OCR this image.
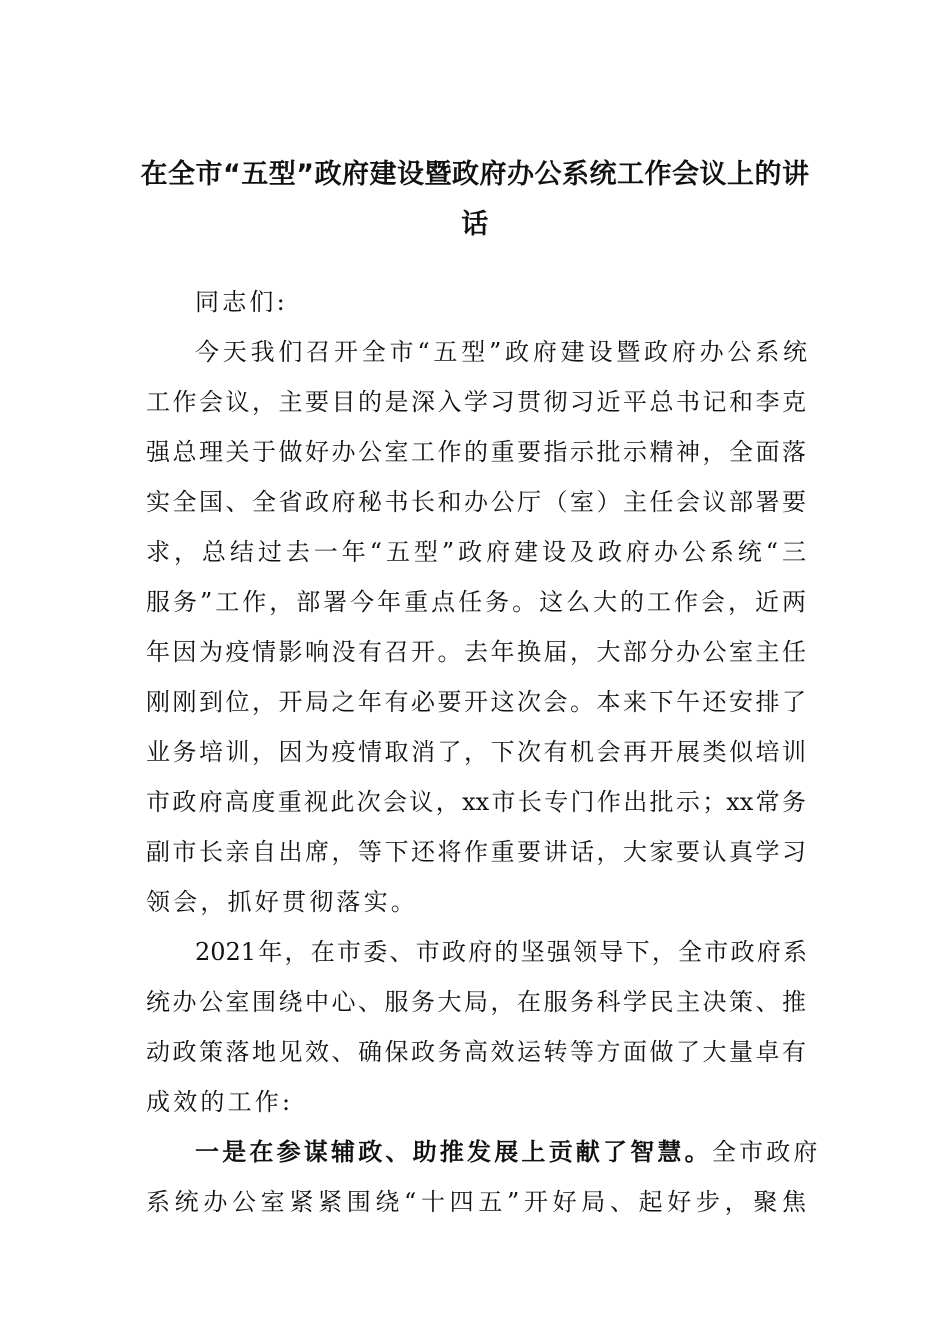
在全市“五型”政府建设暨政府办公系统工作会议上的讲
话
同志们:
今天我们召开全市“五型”政府建设暨政府办公系统
工作会议，主要目的是深入学习贯彻习近平总书记和李克
强总理关于做好办公室工作的重要指示批示精神，全面落
实全国、全省政府秘书长和办公厅（室）主任会议部署要
求，总结过去一年“五型”政府建设及政府办公系统“三
服务”工作，部署今年重点任务。这么大的工作会，近两
年因为疫情影响没有召开。去年换届，大部分办公室主任
刚刚到位，开局之年有必要开这次会。本来下午还安排了
业务培训，因为疫情取消了，下次有机会再开展类似培训
市政府高度重视此次会议，xx市长专门作出批示；xx常务
副市长亲自出席，等下还将作重要讲话，大家要认真学习
领会，抓好贯彻落实。
2021年，在市委、市政府的坚强领导下，全市政府系
统办公室围绕中心、服务大局，在服务科学民主决策、推
动政策落地见效、确保政务高效运转等方面做了大量卓有
成效的工作:
一是在参谋辅政、助推发展上贡献了智慧。全市政府
系统办公室紧紧围绕“十四五”开好局、起好步，聚焦
